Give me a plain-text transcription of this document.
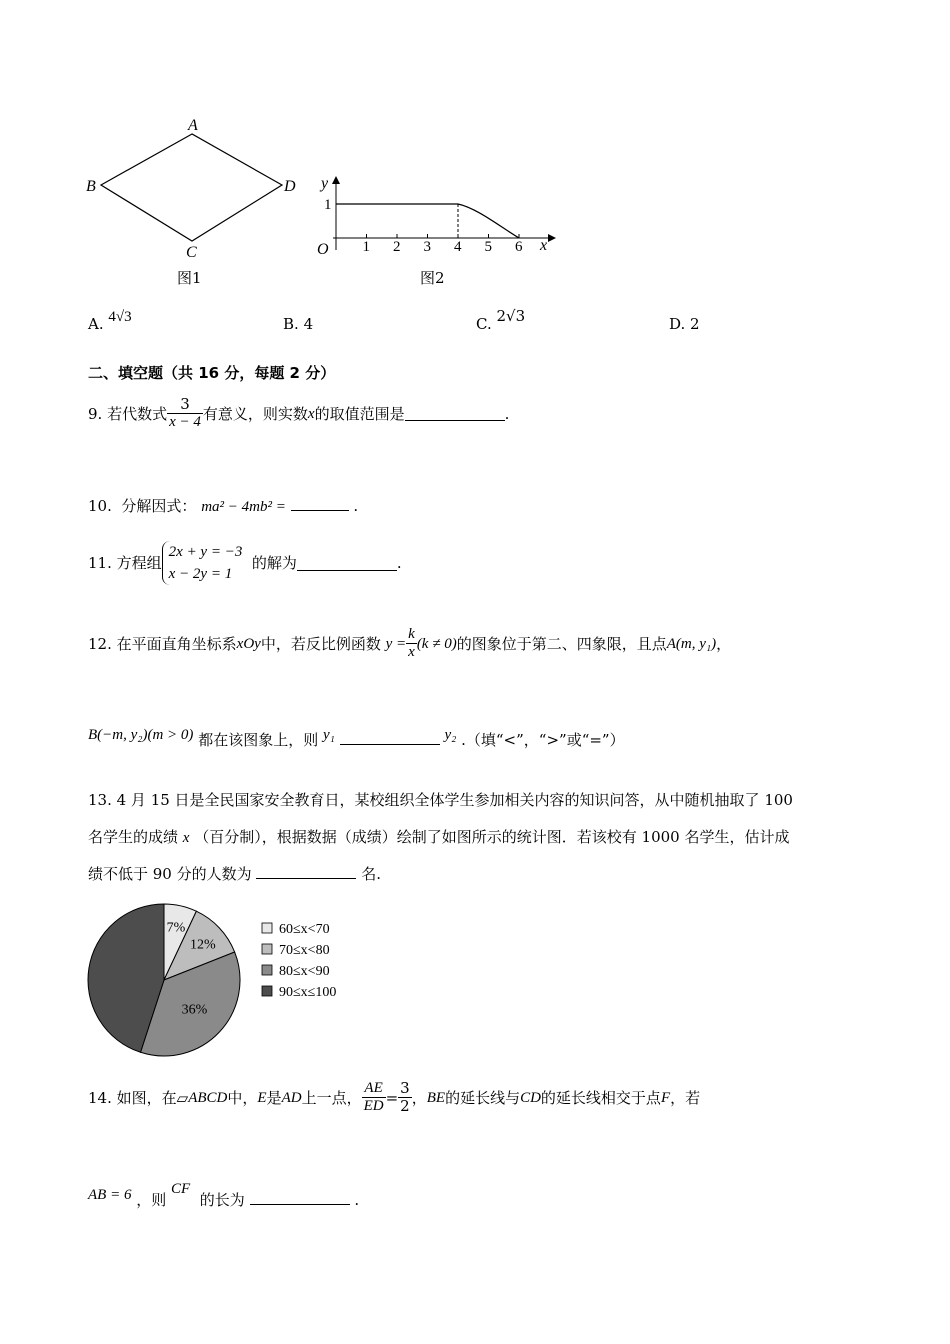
A
B
C
D
图1
y
x
O
1
1 2 3 4 5 6
图2
A. 4√3	B. 4	C. 2√3	D. 2
二、填空题（共 16 分，每题 2 分）
9.
若代数式 $\frac{3}{x - 4}$ 有意义，则实数 x 的取值范围是	.
10. 分解因式： ma² − 4mb² =	.
11.
方程组
2x + y = −3
x − 2y = 1

的解为	.
12.
在平面直角坐标系 xOy 中，若反比例函数
$y = \frac{k}{x} (k \ne 0)$ 的图象位于第二、四象限，且点 A(m, y₁) ，
B(−m, y₂)(m > 0) 都在该图象上，则 y₁	y₂ .（填“<”，“>”或“=”）
13. 4 月 15 日是全民国家安全教育日，某校组织全体学生参加相关内容的知识问答，从中随机抽取了 100
名学生的成绩 x （百分制），根据数据（成绩）绘制了如图所示的统计图．若该校有 1000 名学生，估计成
绩不低于 90 分的人数为	名.
7%
12%
36%
60≤x<70
70≤x<80
80≤x<90
90≤x≤100
14.
如图，在 ▱ ABCD 中， E 是 AD 上一点， $\frac{AE}{ED} = \frac{3}{2}$ ， BE 的延长线与 CD 的延长线相交于点 F ，若
AB = 6 ，则 CF  的长为	.
